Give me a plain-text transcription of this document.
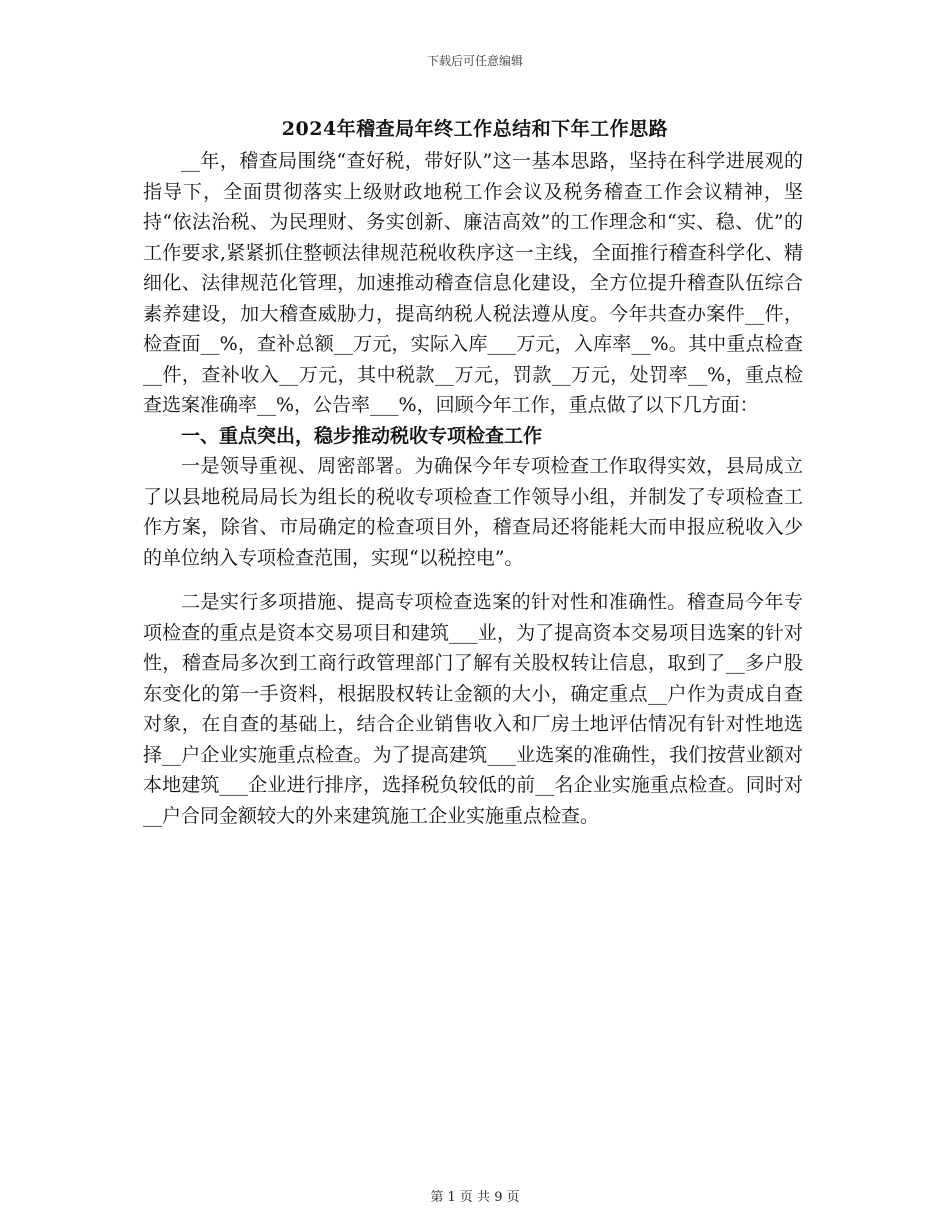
下载后可任意编辑
2024年稽查局年终工作总结和下年工作思路

__年，稽查局围绕“查好税，带好队”这一基本思路，坚持在科学进展观的指导下，全面贯彻落实上级财政地税工作会议及税务稽查工作会议精神，坚持“依法治税、为民理财、务实创新、廉洁高效”的工作理念和“实、稳、优”的工作要求,紧紧抓住整顿法律规范税收秩序这一主线，全面推行稽查科学化、精细化、法律规范化管理，加速推动稽查信息化建设，全方位提升稽查队伍综合素养建设，加大稽查威胁力，提高纳税人税法遵从度。今年共查办案件__件，检查面__%，查补总额__万元，实际入库___万元，入库率__%。其中重点检查__件，查补收入__万元，其中税款__万元，罚款__万元，处罚率__%，重点检查选案准确率__%，公告率___%，回顾今年工作，重点做了以下几方面：

一、重点突出，稳步推动税收专项检查工作

一是领导重视、周密部署。为确保今年专项检查工作取得实效，县局成立了以县地税局局长为组长的税收专项检查工作领导小组，并制发了专项检查工作方案，除省、市局确定的检查项目外，稽查局还将能耗大而申报应税收入少的单位纳入专项检查范围，实现“以税控电”。

二是实行多项措施、提高专项检查选案的针对性和准确性。稽查局今年专项检查的重点是资本交易项目和建筑___业，为了提高资本交易项目选案的针对性，稽查局多次到工商行政管理部门了解有关股权转让信息，取到了__多户股东变化的第一手资料，根据股权转让金额的大小，确定重点__户作为责成自查对象，在自查的基础上，结合企业销售收入和厂房土地评估情况有针对性地选择__户企业实施重点检查。为了提高建筑___业选案的准确性，我们按营业额对本地建筑___企业进行排序，选择税负较低的前__名企业实施重点检查。同时对__户合同金额较大的外来建筑施工企业实施重点检查。

第 1 页 共 9 页
